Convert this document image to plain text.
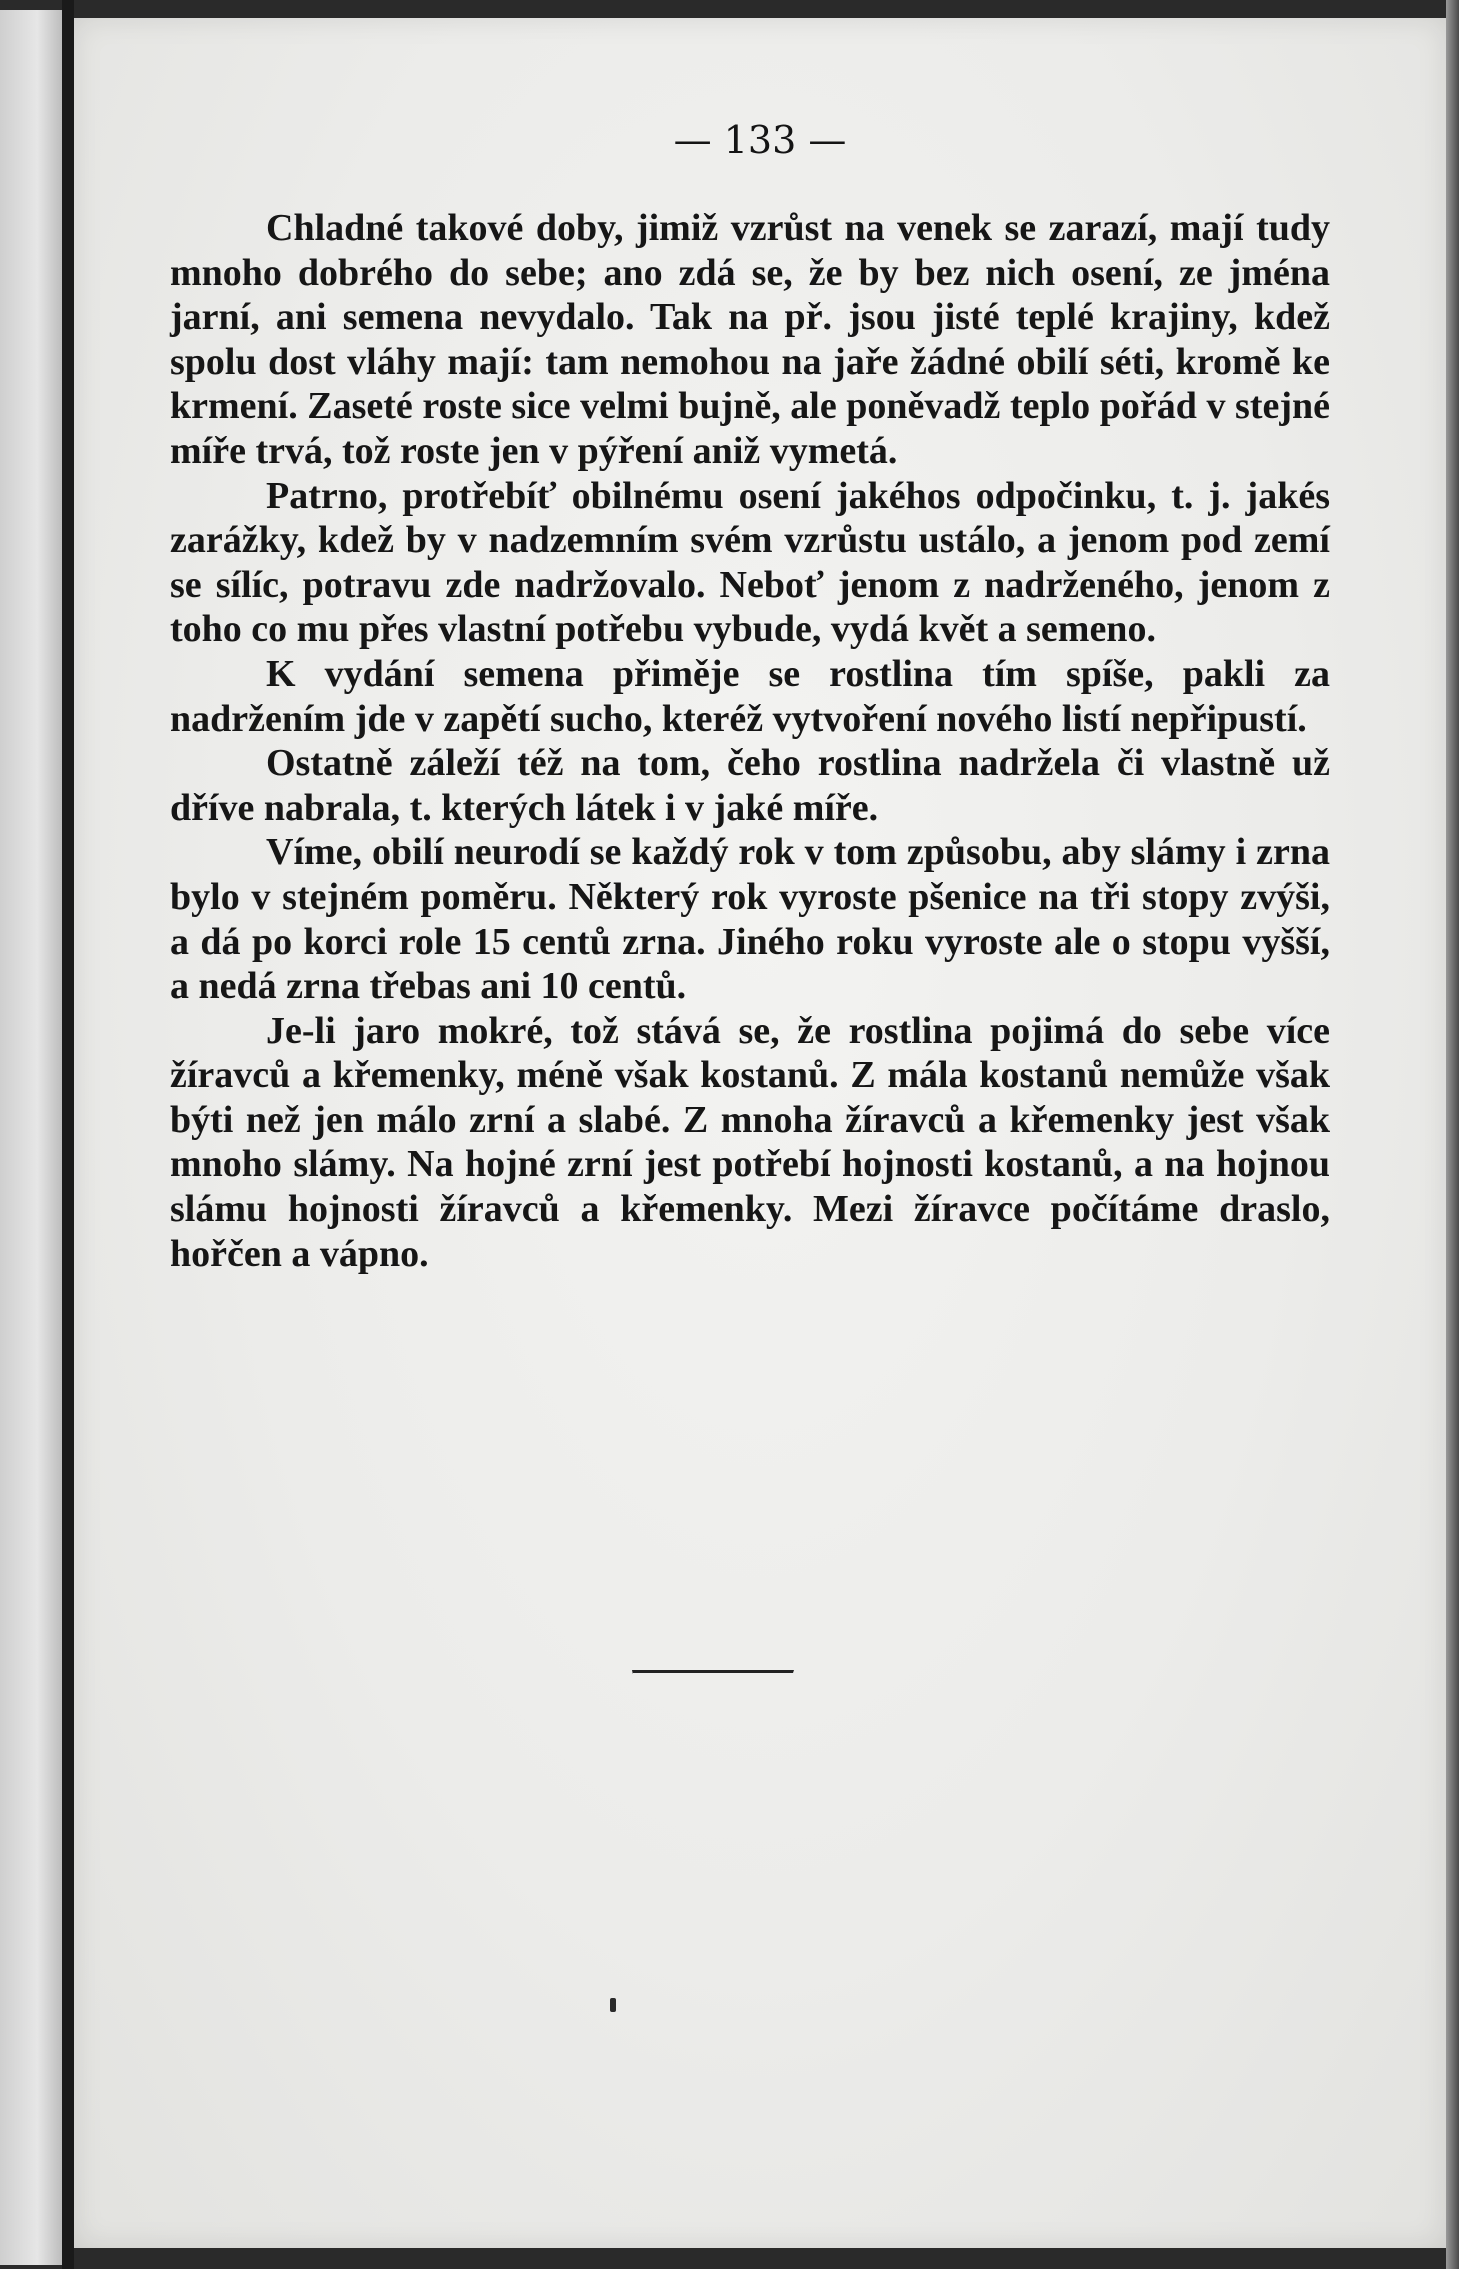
— 133 —

Chladné takové doby, jimiž vzrůst na venek se zarazí, mají tudy mnoho dobrého do sebe; ano zdá se, že by bez nich osení, ze jména jarní, ani semena nevydalo. Tak na př. jsou jisté teplé krajiny, kdež spolu dost vláhy mají: tam nemohou na jaře žádné obilí séti, kromě ke krmení. Zaseté roste sice velmi bujně, ale poněvadž teplo pořád v stejné míře trvá, tož roste jen v pýření aniž vymetá.

Patrno, protřebíť obilnému osení jakéhos odpočinku, t. j. jakés zarážky, kdež by v nadzemním svém vzrůstu ustálo, a jenom pod zemí se sílíc, potravu zde nadržovalo. Neboť jenom z nadrženého, jenom z toho co mu přes vlastní potřebu vybude, vydá květ a semeno.

K vydání semena přiměje se rostlina tím spíše, pakli za nadržením jde v zapětí sucho, kteréž vytvoření nového listí nepřipustí.

Ostatně záleží též na tom, čeho rostlina nadržela či vlastně už dříve nabrala, t. kterých látek i v jaké míře.

Víme, obilí neurodí se každý rok v tom způsobu, aby slámy i zrna bylo v stejném poměru. Některý rok vyroste pšenice na tři stopy zvýši, a dá po korci role 15 centů zrna. Jiného roku vyroste ale o stopu vyšší, a nedá zrna třebas ani 10 centů.

Je-li jaro mokré, tož stává se, že rostlina pojimá do sebe více žíravců a křemenky, méně však kostanů. Z mála kostanů nemůže však býti než jen málo zrní a slabé. Z mnoha žíravců a křemenky jest však mnoho slámy. Na hojné zrní jest potřebí hojnosti kostanů, a na hojnou slámu hojnosti žíravců a křemenky. Mezi žíravce počítáme draslo, hořčen a vápno.
